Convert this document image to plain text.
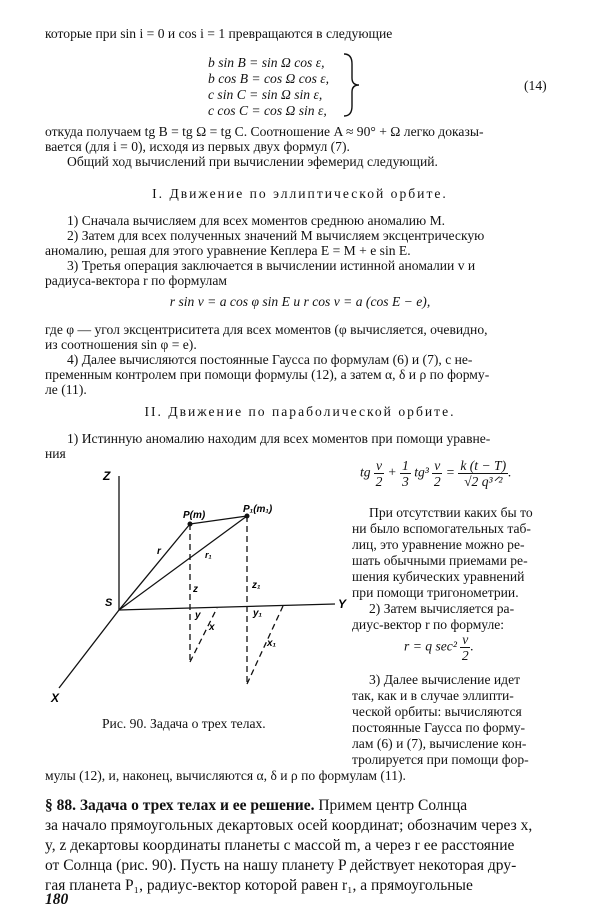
которые при sin i = 0 и cos i = 1 превращаются в следующие
b sin B = sin Ω cos ε,
b cos B = cos Ω cos ε,
c sin C = sin Ω sin ε,
c cos C = cos Ω sin ε,
(14)
откуда получаем tg B = tg Ω = tg C. Соотношение A ≈ 90° + Ω легко доказы-
вается (для i = 0), исходя из первых двух формул (7).
Общий ход вычислений при вычислении эфемерид следующий.
I. Движение по эллиптической орбите.
1) Сначала вычисляем для всех моментов среднюю аномалию M.
2) Затем для всех полученных значений M вычисляем эксцентрическую
аномалию, решая для этого уравнение Кеплера E = M + e sin E.
3) Третья операция заключается в вычислении истинной аномалии v и
радиуса-вектора r по формулам
r sin v = a cos φ sin E и r cos v = a (cos E − e),
где φ — угол эксцентриситета для всех моментов (φ вычисляется, очевидно,
из соотношения sin φ = e).
4) Далее вычисляются постоянные Гаусса по формулам (6) и (7), с не-
пременным контролем при помощи формулы (12), а затем α, δ и ρ по форму-
ле (11).
II. Движение по параболической орбите.
1) Истинную аномалию находим для всех моментов при помощи уравне-
ния
tg $\frac{v}{2} + \frac{1}{3} tg^3 \frac{v}{2} = \frac{k (t - T)}{\text{√2 q³ᐟ²}}$ .
Z
Y
X
S
P(m)
P₁(m₁)
r	r₁
z	z₁
y	y₁
x
x₁
Рис. 90. Задача о трех телах.
При отсутствии каких бы то
ни было вспомогательных таб-
лиц, это уравнение можно ре-
шать обычными приемами ре-
шения кубических уравнений
при помощи тригонометрии.
2) Затем вычисляется ра-
диус-вектор r по формуле:
r = q $\sec^2 \frac{v}{2}$ .
3) Далее вычисление идет
так, как и в случае эллипти-
ческой орбиты: вычисляются
постоянные Гаусса по форму-
лам (6) и (7), вычисление кон-
тролируется при помощи фор-
мулы (12), и, наконец, вычисляются α, δ и ρ по формулам (11).
§ 88. Задача о трех телах и ее решение. Примем центр Солнца
за начало прямоугольных декартовых осей координат; обозначим через x,
y, z декартовы координаты планеты с массой m, а через r ее расстояние
от Солнца (рис. 90). Пусть на нашу планету P действует некоторая дру-
гая планета P₁, радиус-вектор которой равен r₁, а прямоугольные
180
